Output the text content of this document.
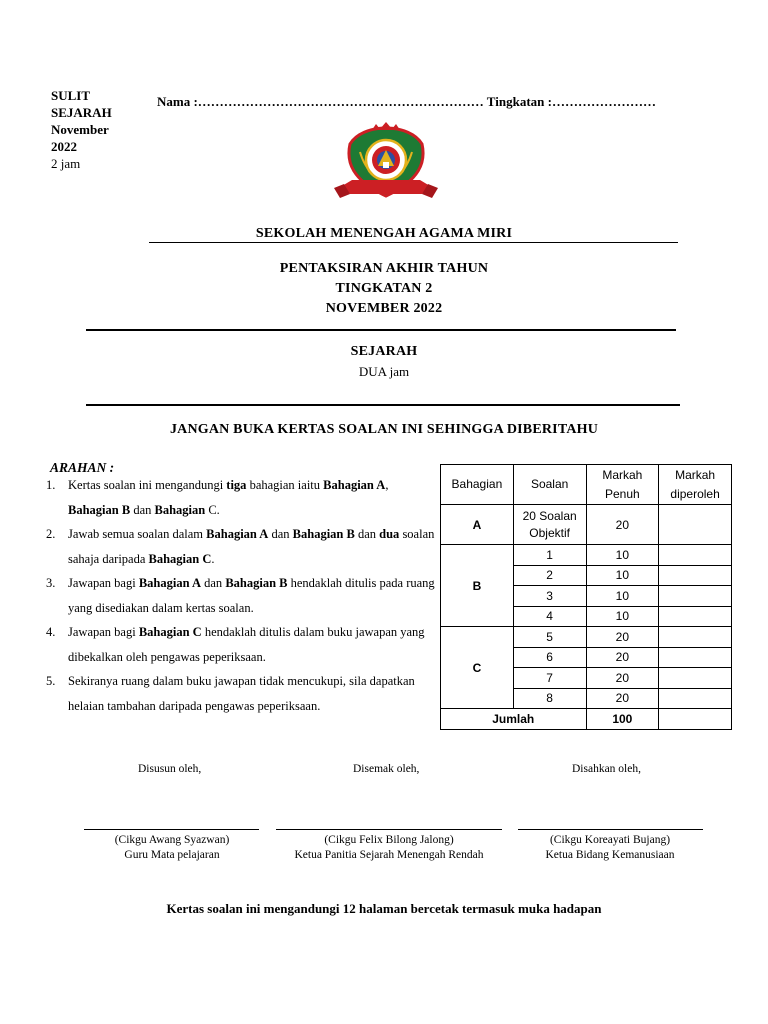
SULIT
SEJARAH
November
2022
2 jam
Nama :………………………………………………………… Tingkatan :……………………
SEKOLAH MENENGAH AGAMA MIRI
PENTAKSIRAN AKHIR TAHUN
TINGKATAN 2
NOVEMBER 2022
SEJARAH
DUA jam
JANGAN BUKA KERTAS SOALAN INI SEHINGGA DIBERITAHU
ARAHAN :
1. Kertas soalan ini mengandungi tiga bahagian iaitu Bahagian A, Bahagian B dan Bahagian C.
2. Jawab semua soalan dalam Bahagian A dan Bahagian B dan dua soalan sahaja daripada Bahagian C.
3. Jawapan bagi Bahagian A dan Bahagian B hendaklah ditulis pada ruang yang disediakan dalam kertas soalan.
4. Jawapan bagi Bahagian C hendaklah ditulis dalam buku jawapan yang dibekalkan oleh pengawas peperiksaan.
5. Sekiranya ruang dalam buku jawapan tidak mencukupi, sila dapatkan helaian tambahan daripada pengawas peperiksaan.
Bahagian	Soalan	Markah Penuh	Markah diperoleh
A	20 Soalan Objektif	20	
B	1	10	
	2	10	
	3	10	
	4	10	
C	5	20	
	6	20	
	7	20	
	8	20	
Jumlah		100	
Disusun oleh,	Disemak oleh,	Disahkan oleh,
(Cikgu Awang Syazwan)
Guru Mata pelajaran
(Cikgu Felix Bilong Jalong)
Ketua Panitia Sejarah Menengah Rendah
(Cikgu Koreayati Bujang)
Ketua Bidang Kemanusiaan
Kertas soalan ini mengandungi 12 halaman bercetak termasuk muka hadapan
